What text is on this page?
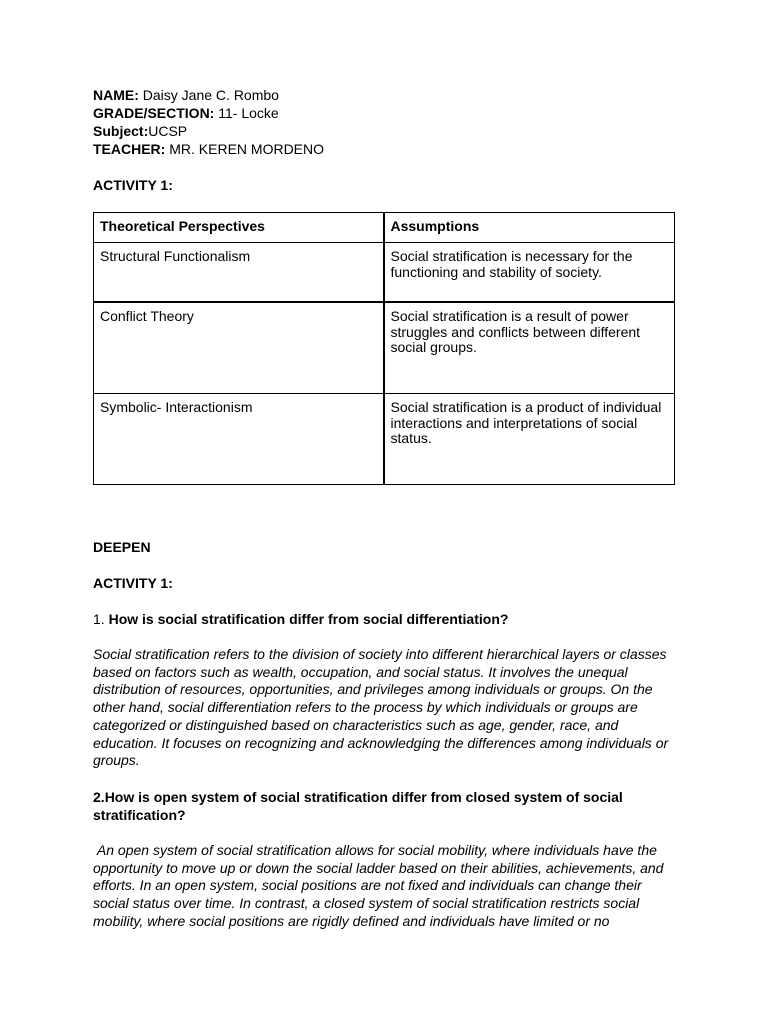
NAME: Daisy Jane C. Rombo
GRADE/SECTION: 11- Locke
Subject:UCSP
TEACHER: MR. KEREN MORDENO
ACTIVITY 1:
Theoretical Perspectives	Assumptions
Structural Functionalism	Social stratification is necessary for the functioning and stability of society.
Conflict Theory	Social stratification is a result of power struggles and conflicts between different social groups.
Symbolic- Interactionism	Social stratification is a product of individual interactions and interpretations of social status.
DEEPEN
ACTIVITY 1:
1. How is social stratification differ from social differentiation?
Social stratification refers to the division of society into different hierarchical layers or classes based on factors such as wealth, occupation, and social status. It involves the unequal distribution of resources, opportunities, and privileges among individuals or groups. On the other hand, social differentiation refers to the process by which individuals or groups are categorized or distinguished based on characteristics such as age, gender, race, and education. It focuses on recognizing and acknowledging the differences among individuals or groups.
2.How is open system of social stratification differ from closed system of social stratification?
An open system of social stratification allows for social mobility, where individuals have the opportunity to move up or down the social ladder based on their abilities, achievements, and efforts. In an open system, social positions are not fixed and individuals can change their social status over time. In contrast, a closed system of social stratification restricts social mobility, where social positions are rigidly defined and individuals have limited or no
